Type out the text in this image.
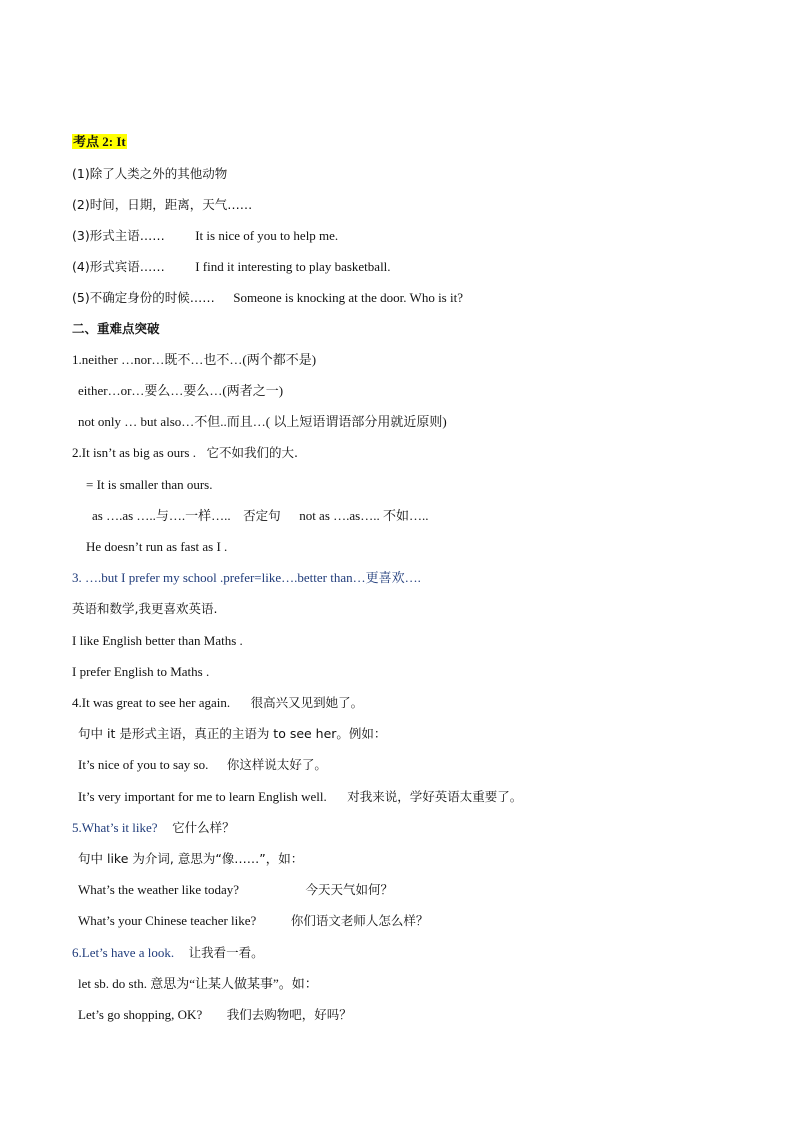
考点 2: It
(1)除了人类之外的其他动物
(2)时间，日期，距离，天气……
(3)形式主语…… It is nice of you to help me.
(4)形式宾语…… I find it interesting to play basketball.
(5)不确定身份的时候…… Someone is knocking at the door. Who is it?
二、重难点突破
1.neither …nor…既不…也不…(两个都不是)
either…or…要么…要么…(两者之一)
not only … but also…不但..而且…( 以上短语谓语部分用就近原则)
2.It isn’t as big as ours . 它不如我们的大.
= It is smaller than ours.
as ….as …..与….一样….. 否定句 not as ….as….. 不如…..
He doesn’t run as fast as I .
3. ….but I prefer my school .prefer=like….better than…更喜欢….
英语和数学,我更喜欢英语.
I like English better than Maths .
I prefer English to Maths .
4.It was great to see her again. 很高兴又见到她了。
句中 it 是形式主语，真正的主语为 to see her。例如：
It’s nice of you to say so. 你这样说太好了。
It’s very important for me to learn English well. 对我来说，学好英语太重要了。
5.What’s it like? 它什么样？
句中 like 为介词, 意思为“像……”，如：
What’s the weather like today?	今天天气如何？
What’s your Chinese teacher like?	你们语文老师人怎么样？
6.Let’s have a look. 让我看一看。
let sb. do sth. 意思为“让某人做某事”。如：
Let’s go shopping, OK? 我们去购物吧，好吗？
